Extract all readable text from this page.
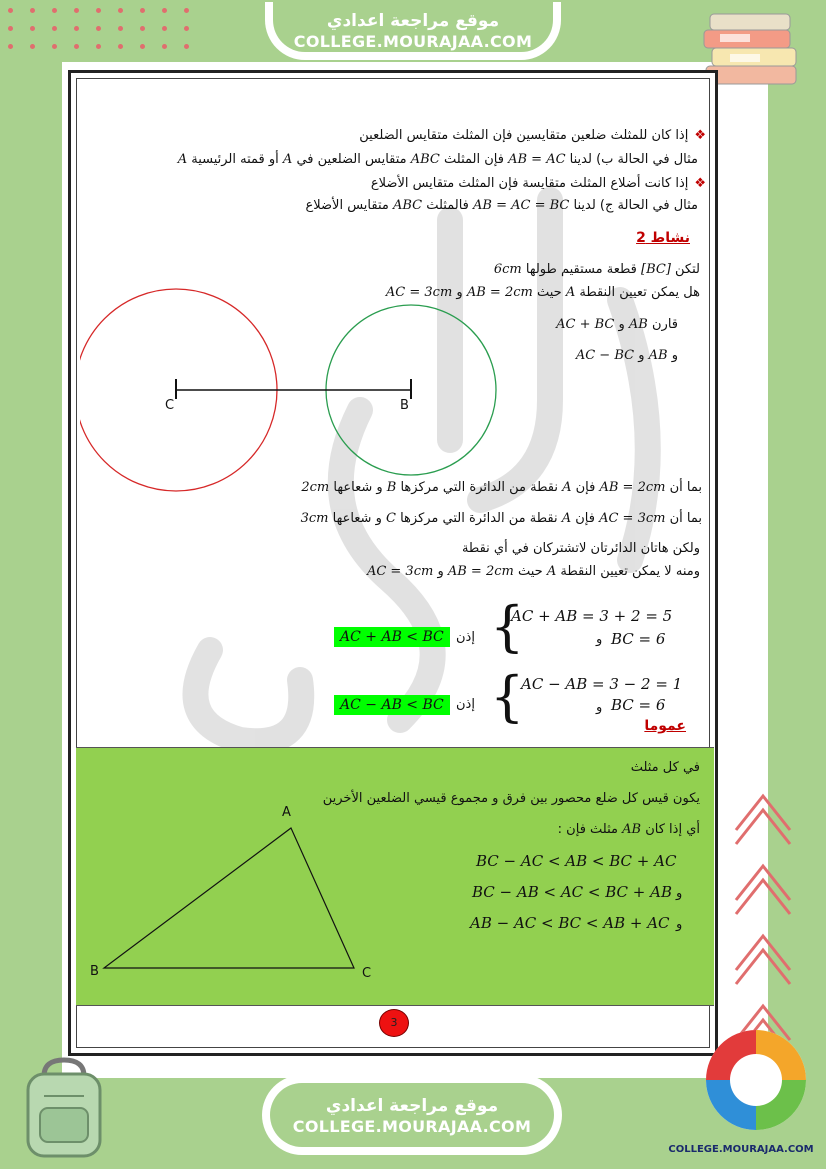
موقع مراجعة اعدادي
COLLEGE.MOURAJAA.COM
❖إذا كان للمثلث ضلعين متقايسين فإن المثلث متقايس الضلعين
مثال في الحالة ب) لدينا AB = AC فإن المثلث ABC متقايس الضلعين في A أو قمته الرئيسية A
❖إذا كانت أضلاع المثلث متقايسة فإن المثلث متقايس الأضلاع
مثال في الحالة ج) لدينا AB = AC = BC فالمثلث ABC متقايس الأضلاع
نشاط 2
لتكن [BC] قطعة مستقيم طولها 6cm
هل يمكن تعيين النقطة A حيث AB = 2cm و AC = 3cm
قارن AB و AC + BC
و AB و AC − BC
C	B
بما أن AB = 2cm فإن A نقطة من الدائرة التي مركزها B و شعاعها 2cm
بما أن AC = 3cm فإن A نقطة من الدائرة التي مركزها C و شعاعها 3cm
ولكن هاتان الدائرتان لاتشتركان في أي نقطة
ومنه لا يمكن تعيين النقطة A حيث AB = 2cm و AC = 3cm
{
AC + AB = 3 + 2 = 5
و BC = 6
إذن
AC + AB < BC
{
AC − AB = 3 − 2 = 1
و BC = 6
إذن
AC − AB < BC
عموما
في كل مثلث
يكون قيس كل ضلع محصور بين فرق و مجموع قيسي الضلعين الأخرين
أي إذا كان AB مثلث فإن :
BC − AC < AB < BC + AC
و
BC − AB < AC < BC + AB
و
AB − AC < BC < AB + AC
A
B	C
3
موقع مراجعة اعدادي
COLLEGE.MOURAJAA.COM
COLLEGE.MOURAJAA.COM
